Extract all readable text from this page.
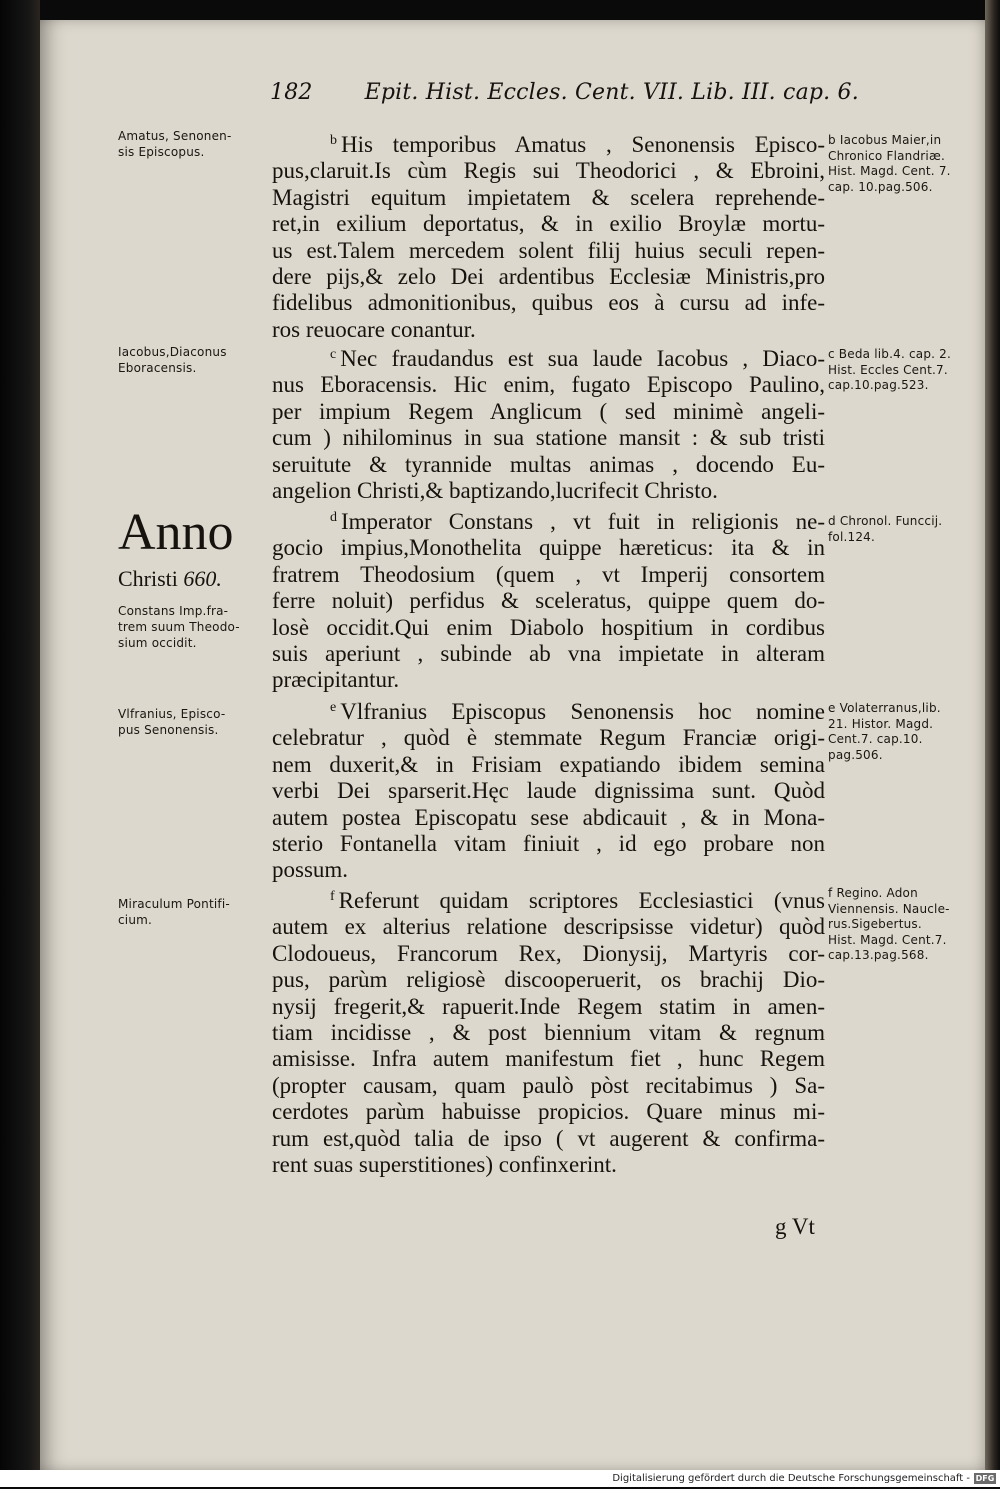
182 Epit. Hist. Eccles. Cent. VII. Lib. III. cap. 6.
$^b$ His temporibus Amatus , Senonensis Episco-
pus,claruit.Is cùm Regis sui Theodorici , & Ebroini,
Magistri equitum impietatem & scelera reprehende-
ret,in exilium deportatus, & in exilio Broylæ mortu-
us est.Talem mercedem solent filij huius seculi repen-
dere pijs,& zelo Dei ardentibus Ecclesiæ Ministris,pro
fidelibus admonitionibus, quibus eos à cursu ad infe-
ros reuocare conantur.
$^c$ Nec fraudandus est sua laude Iacobus , Diaco-
nus Eboracensis. Hic enim, fugato Episcopo Paulino,
per impium Regem Anglicum ( sed minimè angeli-
cum ) nihilominus in sua statione mansit : & sub tristi
seruitute & tyrannide multas animas , docendo Eu-
angelion Christi,& baptizando,lucrifecit Christo.
$^d$ Imperator Constans , vt fuit in religionis ne-
gocio impius,Monothelita quippe hæreticus: ita & in
fratrem Theodosium (quem , vt Imperij consortem
ferre noluit) perfidus & sceleratus, quippe quem do-
losè occidit.Qui enim Diabolo hospitium in cordibus
suis aperiunt , subinde ab vna impietate in alteram
præcipitantur.
$^e$ Vlfranius Episcopus Senonensis hoc nomine
celebratur , quòd è stemmate Regum Franciæ origi-
nem duxerit,& in Frisiam expatiando ibidem semina
verbi Dei sparserit.Hęc laude dignissima sunt. Quòd
autem postea Episcopatu sese abdicauit , & in Mona-
sterio Fontanella vitam finiuit , id ego probare non
possum.
$^f$ Referunt quidam scriptores Ecclesiastici (vnus
autem ex alterius relatione descripsisse videtur) quòd
Clodoueus, Francorum Rex, Dionysij, Martyris cor-
pus, parùm religiosè discooperuerit, os brachij Dio-
nysij fregerit,& rapuerit.Inde Regem statim in amen-
tiam incidisse , & post biennium vitam & regnum
amisisse. Infra autem manifestum fiet , hunc Regem
(propter causam, quam paulò pòst recitabimus ) Sa-
cerdotes parùm habuisse propicios. Quare minus mi-
rum est,quòd talia de ipso ( vt augerent & confirma-
rent suas superstitiones) confinxerint.
Amatus, Senonen-
sis Episcopus.
Iacobus,Diaconus
Eboracensis.
Anno
Christi 660.
Constans Imp.fra-
trem suum Theodo-
sium occidit.
Vlfranius, Episco-
pus Senonensis.
Miraculum Pontifi-
cium.
b Iacobus Maier,in
Chronico Flandriæ.
Hist. Magd. Cent. 7.
cap. 10.pag.506.
c Beda lib.4. cap. 2.
Hist. Eccles Cent.7.
cap.10.pag.523.
d Chronol. Funccij.
fol.124.
e Volaterranus,lib.
21. Histor. Magd.
Cent.7. cap.10.
pag.506.
f Regino. Adon
Viennensis. Naucle-
rus.Sigebertus.
Hist. Magd. Cent.7.
cap.13.pag.568.
g Vt
Digitalisierung gefördert durch die Deutsche Forschungsgemeinschaft - DFG
